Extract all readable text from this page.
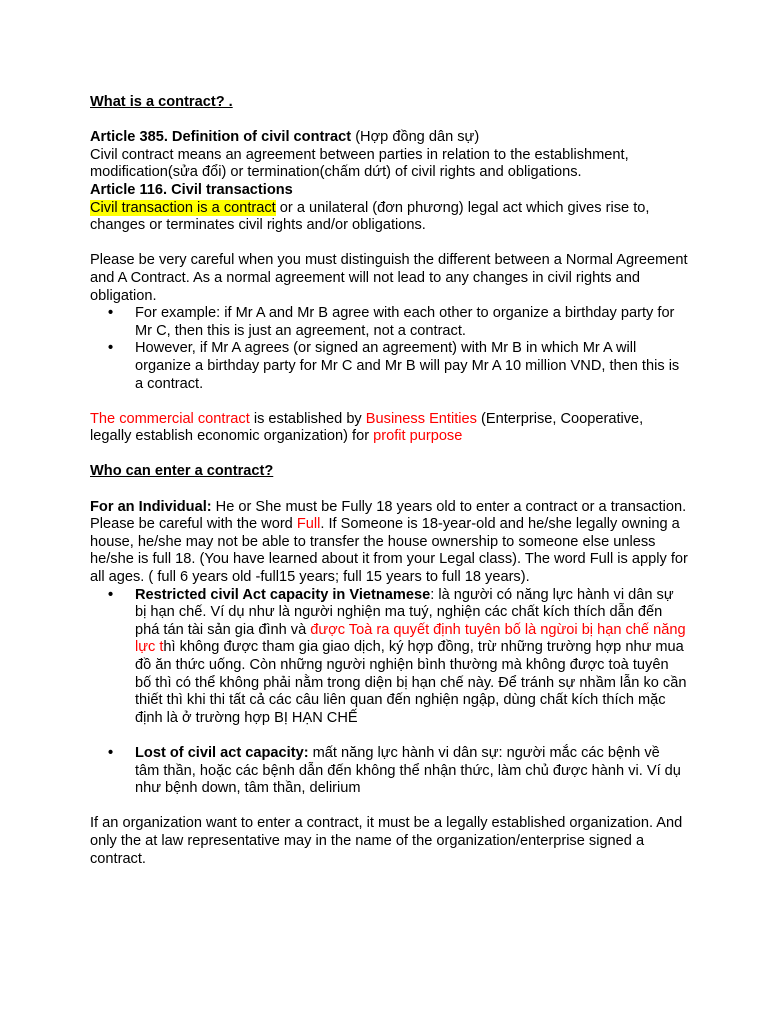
What is a contract? .

Article 385. Definition of civil contract (Hợp đồng dân sự)

Civil contract means an agreement between parties in relation to the establishment, modification(sửa đổi) or termination(chấm dứt) of civil rights and obligations.

Article 116. Civil transactions

Civil transaction is a contract or a unilateral (đơn phương) legal act which gives rise to, changes or terminates civil rights and/or obligations.

Please be very careful when you must distinguish the different between a Normal Agreement and A Contract. As a normal agreement will not lead to any changes in civil rights and obligation.

• For example: if Mr A and Mr B agree with each other to organize a birthday party for Mr C, then this is just an agreement, not a contract.
• However, if Mr A agrees (or signed an agreement) with Mr B in which Mr A will organize a birthday party for Mr C and Mr B will pay Mr A 10 million VND, then this is a contract.

The commercial contract is established by Business Entities (Enterprise, Cooperative, legally establish economic organization) for profit purpose

Who can enter a contract?

For an Individual: He or She must be Fully 18 years old to enter a contract or a transaction. Please be careful with the word Full. If Someone is 18-year-old and he/she legally owning a house, he/she may not be able to transfer the house ownership to someone else unless he/she is full 18. (You have learned about it from your Legal class). The word Full is apply for all ages. ( full 6 years old -full15 years; full 15 years to full 18 years).

• Restricted civil Act capacity in Vietnamese: là người có năng lực hành vi dân sự bị hạn chế. Ví dụ như là người nghiện ma tuý, nghiện các chất kích thích dẫn đến phá tán tài sản gia đình và được Toà ra quyết định tuyên bố là ngừoi bị hạn chế năng lực thì không được tham gia giao dịch, ký hợp đồng, trừ những trường hợp như mua đồ ăn thức uống. Còn những người nghiện bình thường mà không được toà tuyên bố thì có thể không phải nằm trong diện bị hạn chế này. Để tránh sự nhầm lẫn ko cần thiết thì khi thi tất cả các câu liên quan đến nghiện ngập, dùng chất kích thích mặc định là ở trường hợp BỊ HẠN CHẾ
• Lost of civil act capacity: mất năng lực hành vi dân sự: người mắc các bệnh về tâm thần, hoặc các bệnh dẫn đến không thể nhận thức, làm chủ được hành vi. Ví dụ như bệnh down, tâm thần, delirium

If an organization want to enter a contract, it must be a legally established organization. And only the at law representative may in the name of the organization/enterprise signed a contract.
